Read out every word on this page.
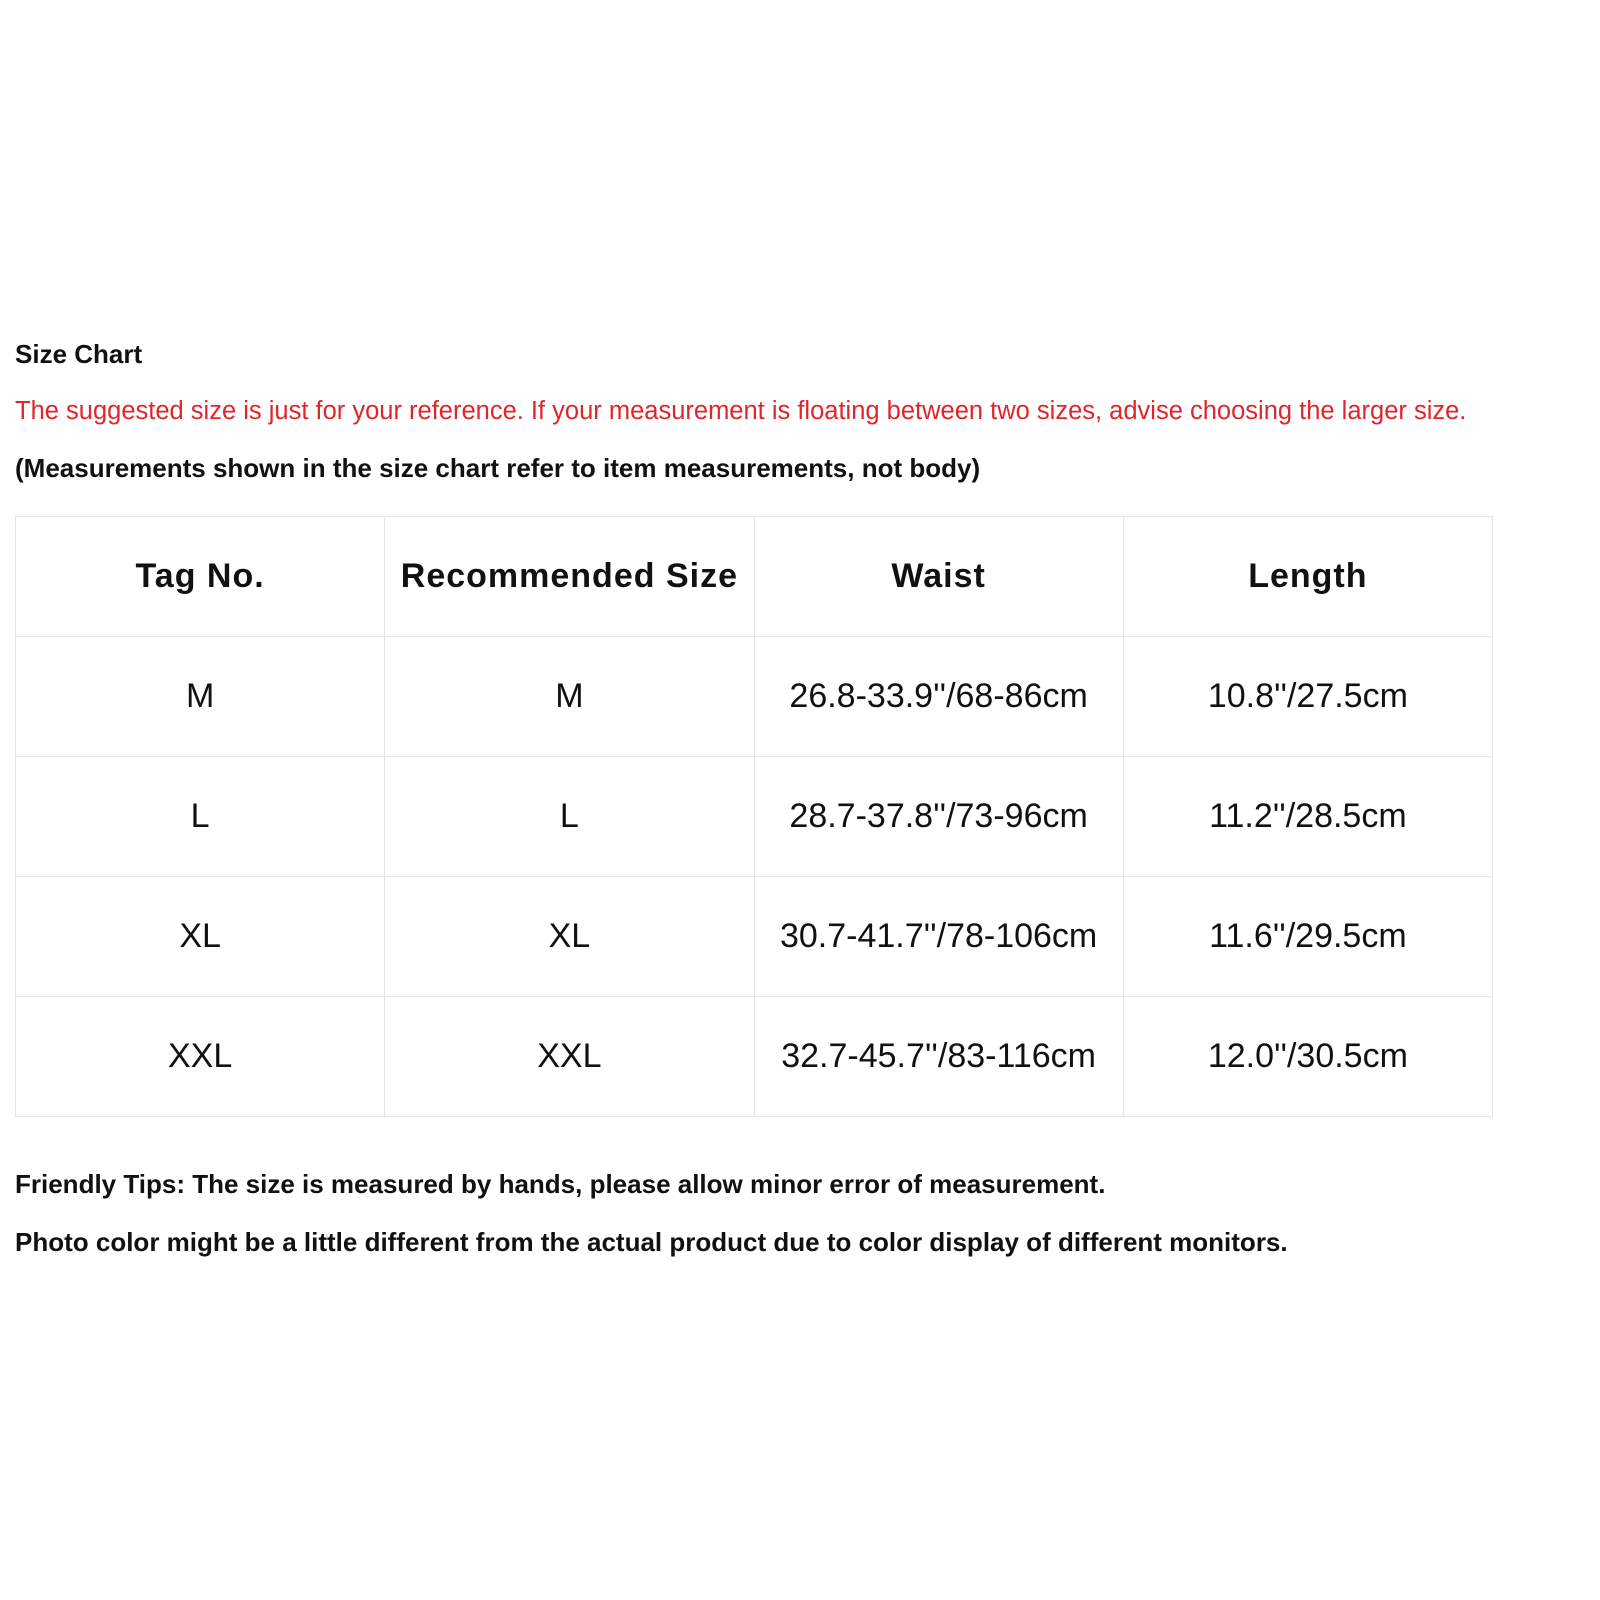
Size Chart
The suggested size is just for your reference. If your measurement is floating between two sizes, advise choosing the larger size.
(Measurements shown in the size chart refer to item measurements, not body)
Tag No.	Recommended Size	Waist	Length
M	M	26.8-33.9''/68-86cm	10.8''/27.5cm
L	L	28.7-37.8''/73-96cm	11.2''/28.5cm
XL	XL	30.7-41.7''/78-106cm	11.6''/29.5cm
XXL	XXL	32.7-45.7''/83-116cm	12.0''/30.5cm
Friendly Tips: The size is measured by hands, please allow minor error of measurement.
Photo color might be a little different from the actual product due to color display of different monitors.
